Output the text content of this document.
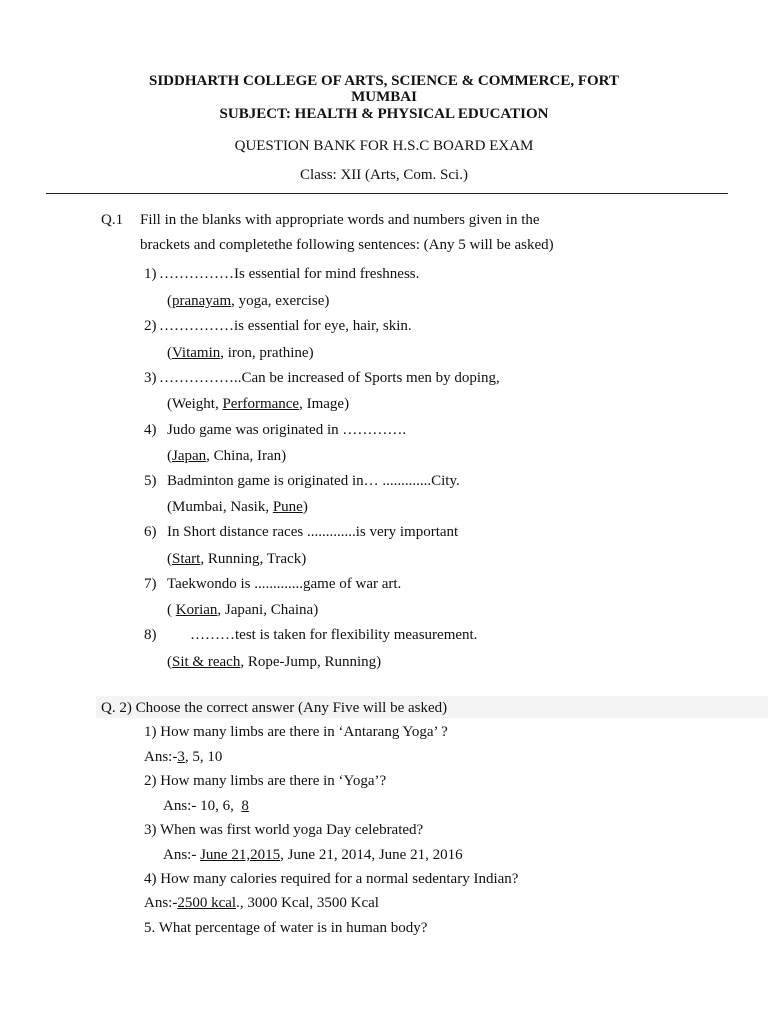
SIDDHARTH COLLEGE OF ARTS, SCIENCE & COMMERCE, FORT
MUMBAI
SUBJECT: HEALTH & PHYSICAL EDUCATION
QUESTION BANK FOR H.S.C BOARD EXAM
Class: XII (Arts, Com. Sci.)
Q.1 Fill in the blanks with appropriate words and numbers given in the
brackets and completethe following sentences: (Any 5 will be asked)
1) ……………Is essential for mind freshness.
(pranayam, yoga, exercise)
2) ……………is essential for eye, hair, skin.
(Vitamin, iron, prathine)
3) ……………..Can be increased of Sports men by doping,
(Weight, Performance, Image)
4) Judo game was originated in ………….
(Japan, China, Iran)
5) Badminton game is originated in… .............City.
(Mumbai, Nasik, Pune)
6) In Short distance races .............is very important
(Start, Running, Track)
7) Taekwondo is .............game of war art.
( Korian, Japani, Chaina)
8) ………test is taken for flexibility measurement.
(Sit & reach, Rope-Jump, Running)
Q. 2) Choose the correct answer (Any Five will be asked)
1) How many limbs are there in ‘Antarang Yoga’ ?
Ans:-3, 5, 10
2) How many limbs are there in ‘Yoga’?
Ans:- 10, 6,  8
3) When was first world yoga Day celebrated?
Ans:- June 21,2015, June 21, 2014, June 21, 2016
4) How many calories required for a normal sedentary Indian?
Ans:-2500 kcal., 3000 Kcal, 3500 Kcal
5. What percentage of water is in human body?
